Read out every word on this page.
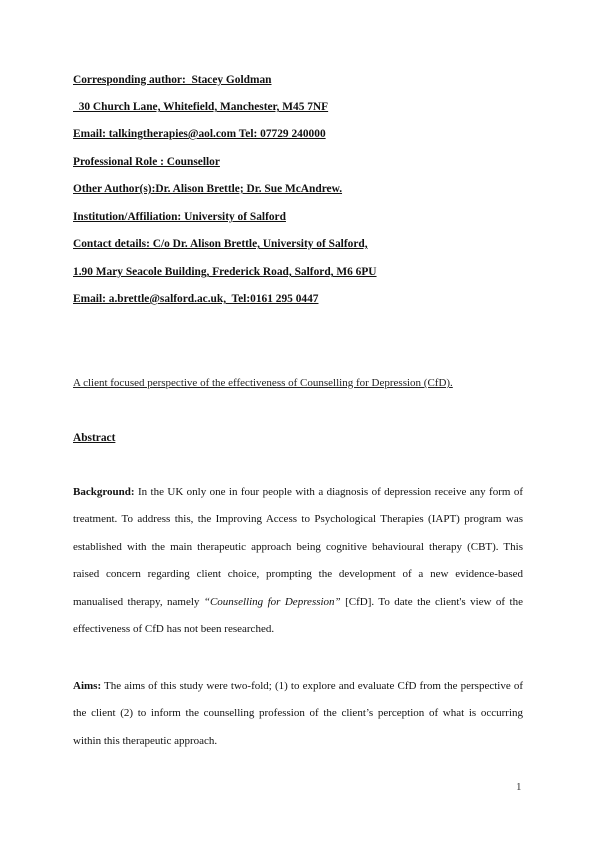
Corresponding author:  Stacey Goldman
30 Church Lane, Whitefield, Manchester, M45 7NF
Email: talkingtherapies@aol.com Tel: 07729 240000
Professional Role : Counsellor
Other Author(s):Dr. Alison Brettle; Dr. Sue McAndrew.
Institution/Affiliation: University of Salford
Contact details: C/o Dr. Alison Brettle, University of Salford,
1.90 Mary Seacole Building, Frederick Road, Salford, M6 6PU
Email: a.brettle@salford.ac.uk,  Tel:0161 295 0447
A client focused perspective of the effectiveness of Counselling for Depression (CfD).
Abstract
Background: In the UK only one in four people with a diagnosis of depression receive any form of treatment. To address this, the Improving Access to Psychological Therapies (IAPT) program was established with the main therapeutic approach being cognitive behavioural therapy (CBT). This raised concern regarding client choice, prompting the development of a new evidence-based manualised therapy, namely “Counselling for Depression” [CfD]. To date the client's view of the effectiveness of CfD has not been researched.
Aims: The aims of this study were two-fold; (1) to explore and evaluate CfD from the perspective of the client (2) to inform the counselling profession of the client’s perception of what is occurring within this therapeutic approach.
1
